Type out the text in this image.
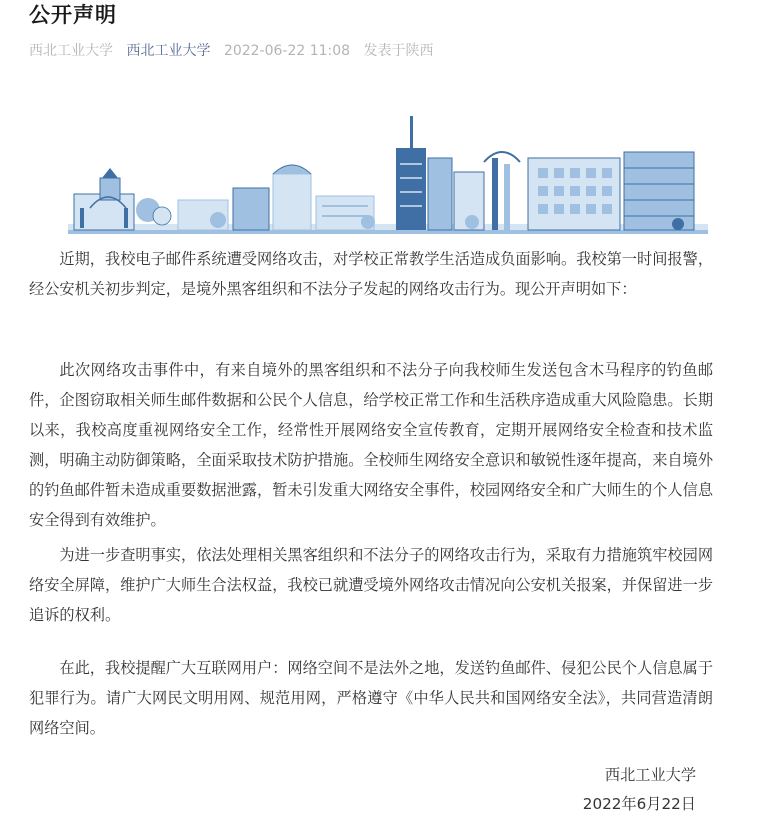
公开声明
西北工业大学 西北工业大学 2022-06-22 11:08 发表于陕西

近期，我校电子邮件系统遭受网络攻击，对学校正常教学生活造成负面影响。我校第一时间报警，经公安机关初步判定，是境外黑客组织和不法分子发起的网络攻击行为。现公开声明如下：

此次网络攻击事件中，有来自境外的黑客组织和不法分子向我校师生发送包含木马程序的钓鱼邮件，企图窃取相关师生邮件数据和公民个人信息，给学校正常工作和生活秩序造成重大风险隐患。长期以来，我校高度重视网络安全工作，经常性开展网络安全宣传教育，定期开展网络安全检查和技术监测，明确主动防御策略，全面采取技术防护措施。全校师生网络安全意识和敏锐性逐年提高，来自境外的钓鱼邮件暂未造成重要数据泄露，暂未引发重大网络安全事件，校园网络安全和广大师生的个人信息安全得到有效维护。

为进一步查明事实，依法处理相关黑客组织和不法分子的网络攻击行为，采取有力措施筑牢校园网络安全屏障，维护广大师生合法权益，我校已就遭受境外网络攻击情况向公安机关报案，并保留进一步追诉的权利。

在此，我校提醒广大互联网用户：网络空间不是法外之地，发送钓鱼邮件、侵犯公民个人信息属于犯罪行为。请广大网民文明用网、规范用网，严格遵守《中华人民共和国网络安全法》，共同营造清朗网络空间。

西北工业大学
2022年6月22日
